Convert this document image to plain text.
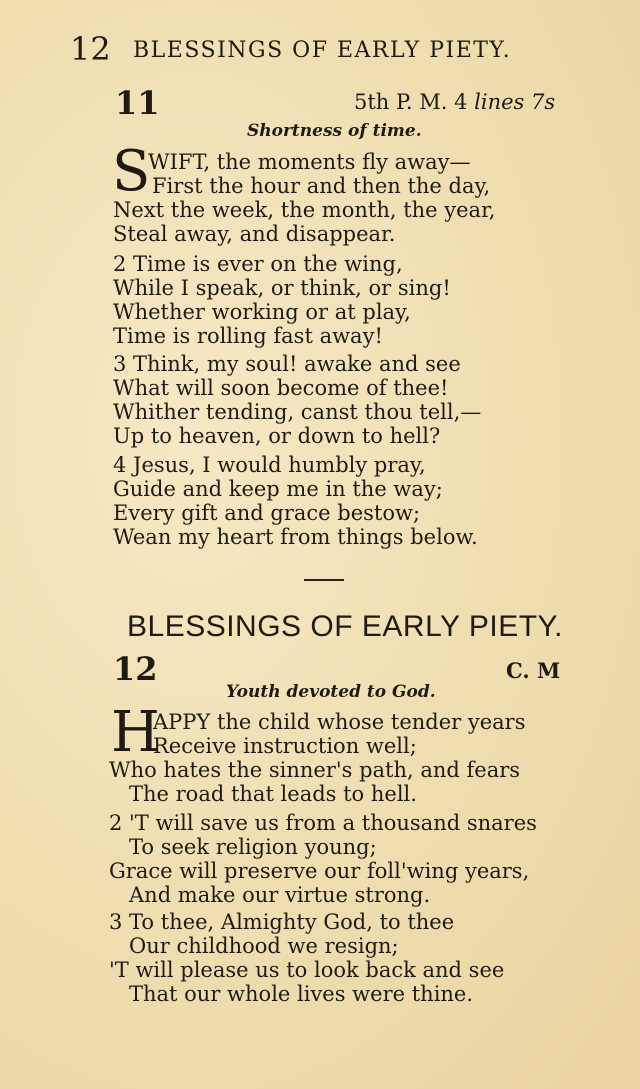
12 BLESSINGS OF EARLY PIETY.
11	5th P. M. 4 lines 7s
Shortness of time.
S
WIFT, the moments fly away—
First the hour and then the day,
Next the week, the month, the year,
Steal away, and disappear.
2 Time is ever on the wing,
While I speak, or think, or sing!
Whether working or at play,
Time is rolling fast away!
3 Think, my soul! awake and see
What will soon become of thee!
Whither tending, canst thou tell,—
Up to heaven, or down to hell?
4 Jesus, I would humbly pray,
Guide and keep me in the way;
Every gift and grace bestow;
Wean my heart from things below.
BLESSINGS OF EARLY PIETY.
12	C. M
Youth devoted to God.
H
APPY the child whose tender years
Receive instruction well;
Who hates the sinner's path, and fears
The road that leads to hell.
2 'T will save us from a thousand snares
To seek religion young;
Grace will preserve our foll'wing years,
And make our virtue strong.
3 To thee, Almighty God, to thee
Our childhood we resign;
'T will please us to look back and see
That our whole lives were thine.
